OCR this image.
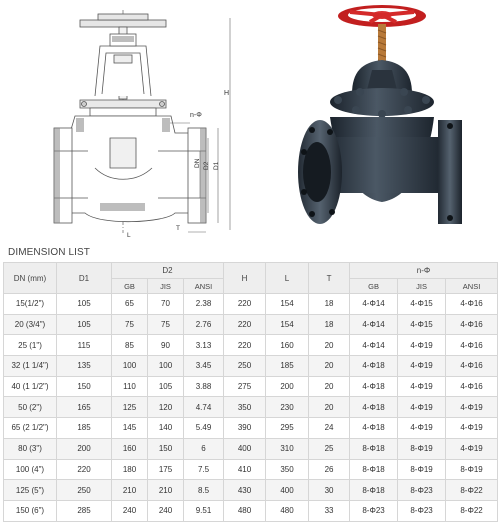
H
n-Φ
DN D2 D1
L
T
DIMENSION LIST
DN (mm)	D1	D2			H	L	T	n-Φ		
		GB	JIS	ANSI				GB	JIS	ANSI
15(1/2")	105	65	70	2.38	220	154	18	4-Φ14	4-Φ15	4-Φ16
20 (3/4")	105	75	75	2.76	220	154	18	4-Φ14	4-Φ15	4-Φ16
25 (1")	115	85	90	3.13	220	160	20	4-Φ14	4-Φ19	4-Φ16
32 (1 1/4")	135	100	100	3.45	250	185	20	4-Φ18	4-Φ19	4-Φ16
40 (1 1/2")	150	110	105	3.88	275	200	20	4-Φ18	4-Φ19	4-Φ16
50 (2")	165	125	120	4.74	350	230	20	4-Φ18	4-Φ19	4-Φ19
65 (2 1/2")	185	145	140	5.49	390	295	24	4-Φ18	4-Φ19	4-Φ19
80 (3")	200	160	150	6	400	310	25	8-Φ18	8-Φ19	4-Φ19
100 (4")	220	180	175	7.5	410	350	26	8-Φ18	8-Φ19	8-Φ19
125 (5")	250	210	210	8.5	430	400	30	8-Φ18	8-Φ23	8-Φ22
150 (6")	285	240	240	9.51	480	480	33	8-Φ23	8-Φ23	8-Φ22
